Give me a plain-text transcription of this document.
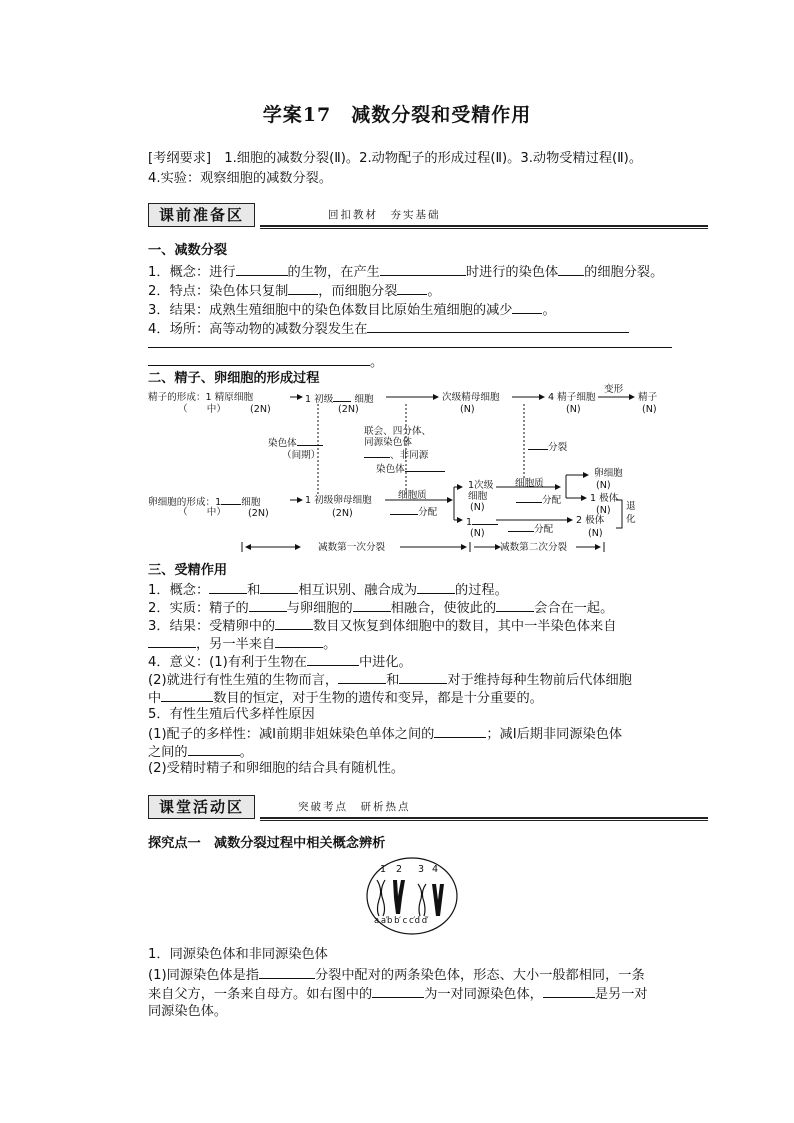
学案17　减数分裂和受精作用
[考纲要求]　1.细胞的减数分裂(Ⅱ)。2.动物配子的形成过程(Ⅱ)。3.动物受精过程(Ⅱ)。
4.实验：观察细胞的减数分裂。
课前准备区	回扣教材　夯实基础
一、减数分裂
1．概念：进行	的生物，在产生	时进行的染色体 的细胞分裂。
2．特点：染色体只复制 ，而细胞分裂 。
3．结果：成熟生殖细胞中的染色体数目比原始生殖细胞的减少 。
4．场所：高等动物的减数分裂发生在
。
二、精子、卵细胞的形成过程
精子的形成：1 精原细胞
（　　中）	(2N)
1 初级 细胞
(2N)
次级精母细胞
(N)
4 精子细胞
(N)
变形
精子
(N)
染色体
（间期）
联会、四分体、
同源染色体
、非同源
染色体
分裂
卵细胞的形成：1 细胞
（　　中） (2N)
1 初级卵母细胞
(2N)
细胞质
分配
1次级
细胞
(N)
细胞质
分配
卵细胞
(N)
1 极体
(N)
1
(N)	分配
2 极体
(N)
退化
减数第一次分裂	减数第二次分裂
三、受精作用
1．概念：	和	相互识别、融合成为	的过程。
2．实质：精子的	与卵细胞的	相融合，使彼此的	会合在一起。
3．结果：受精卵中的	数目又恢复到体细胞中的数目，其中一半染色体来自
，另一半来自	。
4．意义：(1)有利于生物在	中进化。
(2)就进行有性生殖的生物而言，	和	对于维持每种生物前后代体细胞
中	数目的恒定，对于生物的遗传和变异，都是十分重要的。
5．有性生殖后代多样性原因
(1)配子的多样性：减Ⅰ前期非姐妹染色单体之间的	；减Ⅰ后期非同源染色体
之间的	。
(2)受精时精子和卵细胞的结合具有随机性。
课堂活动区	突破考点　研析热点
探究点一　减数分裂过程中相关概念辨析
1 2 3 4
a a′b b′ c c′d d′
1．同源染色体和非同源染色体
(1)同源染色体是指	分裂中配对的两条染色体，形态、大小一般都相同，一条
来自父方，一条来自母方。如右图中的	为一对同源染色体，	是另一对
同源染色体。
